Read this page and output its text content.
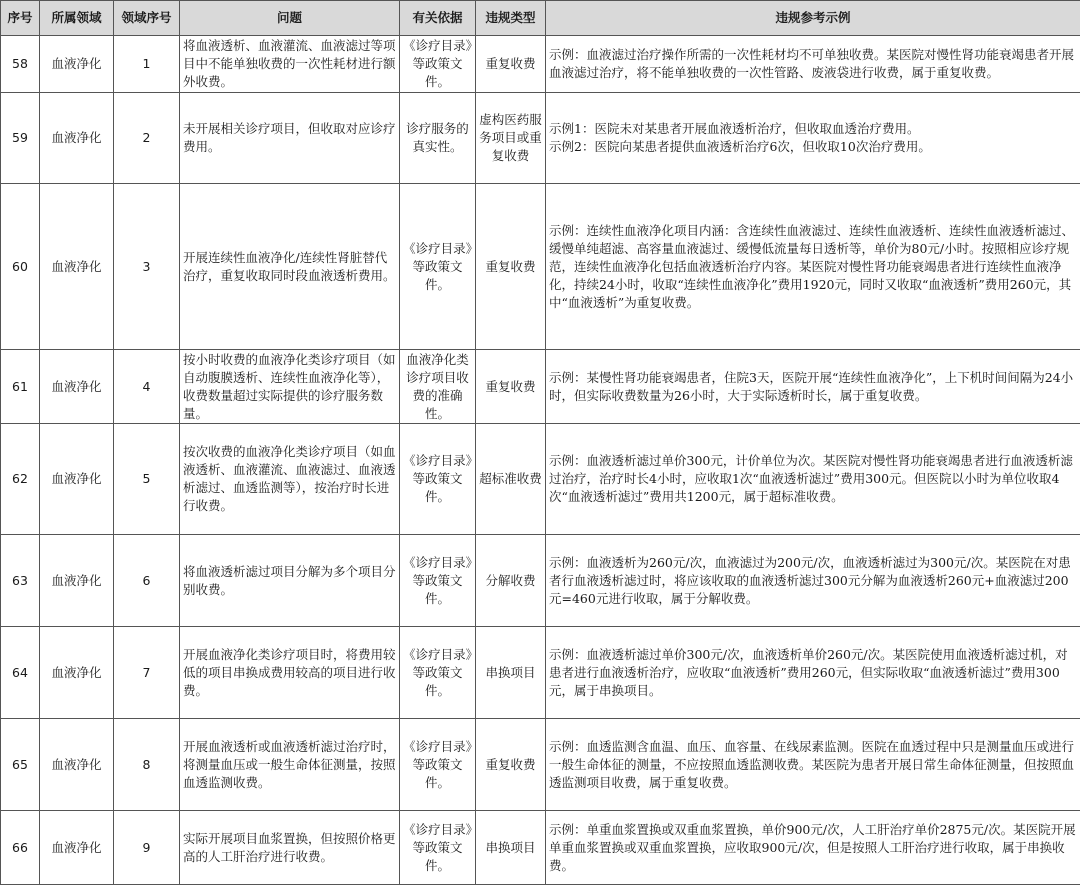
序号	所属领域	领域序号	问题	有关依据	违规类型	违规参考示例
58	血液净化	1	将血液透析、血液灌流、血液滤过等项目中不能单独收费的一次性耗材进行额外收费。	《诊疗目录》等政策文件。	重复收费	示例：血液滤过治疗操作所需的一次性耗材均不可单独收费。某医院对慢性肾功能衰竭患者开展血液滤过治疗，将不能单独收费的一次性管路、废液袋进行收费，属于重复收费。

59	血液净化	2	未开展相关诊疗项目，但收取对应诊疗费用。	诊疗服务的真实性。	虚构医药服务项目或重复收费	示例1：医院未对某患者开展血液透析治疗，但收取血透治疗费用。
示例2：医院向某患者提供血液透析治疗6次，但收取10次治疗费用。

60	血液净化	3	开展连续性血液净化/连续性肾脏替代治疗，重复收取同时段血液透析费用。	《诊疗目录》等政策文件。	重复收费	示例：连续性血液净化项目内涵：含连续性血液滤过、连续性血液透析、连续性血液透析滤过、缓慢单纯超滤、高容量血液滤过、缓慢低流量每日透析等，单价为80元/小时。按照相应诊疗规范，连续性血液净化包括血液透析治疗内容。某医院对慢性肾功能衰竭患者进行连续性血液净化，持续24小时，收取“连续性血液净化”费用1920元，同时又收取“血液透析”费用260元，其中“血液透析”为重复收费。

61	血液净化	4	按小时收费的血液净化类诊疗项目（如自动腹膜透析、连续性血液净化等），收费数量超过实际提供的诊疗服务数量。	血液净化类诊疗项目收费的准确性。	重复收费	示例：某慢性肾功能衰竭患者，住院3天，医院开展“连续性血液净化”，上下机时间间隔为24小时，但实际收费数量为26小时，大于实际透析时长，属于重复收费。

62	血液净化	5	按次收费的血液净化类诊疗项目（如血液透析、血液灌流、血液滤过、血液透析滤过、血透监测等），按治疗时长进行收费。	《诊疗目录》等政策文件。	超标准收费	示例：血液透析滤过单价300元，计价单位为次。某医院对慢性肾功能衰竭患者进行血液透析滤过治疗，治疗时长4小时，应收取1次“血液透析滤过”费用300元。但医院以小时为单位收取4次“血液透析滤过”费用共1200元，属于超标准收费。

63	血液净化	6	将血液透析滤过项目分解为多个项目分别收费。	《诊疗目录》等政策文件。	分解收费	示例：血液透析为260元/次，血液滤过为200元/次，血液透析滤过为300元/次。某医院在对患者行血液透析滤过时，将应该收取的血液透析滤过300元分解为血液透析260元+血液滤过200元=460元进行收取，属于分解收费。

64	血液净化	7	开展血液净化类诊疗项目时，将费用较低的项目串换成费用较高的项目进行收费。	《诊疗目录》等政策文件。	串换项目	示例：血液透析滤过单价300元/次，血液透析单价260元/次。某医院使用血液透析滤过机，对患者进行血液透析治疗，应收取“血液透析”费用260元，但实际收取“血液透析滤过”费用300元，属于串换项目。

65	血液净化	8	开展血液透析或血液透析滤过治疗时，将测量血压或一般生命体征测量，按照血透监测收费。	《诊疗目录》等政策文件。	重复收费	示例：血透监测含血温、血压、血容量、在线尿素监测。医院在血透过程中只是测量血压或进行一般生命体征的测量，不应按照血透监测收费。某医院为患者开展日常生命体征测量，但按照血透监测项目收费，属于重复收费。

66	血液净化	9	实际开展项目血浆置换，但按照价格更高的人工肝治疗进行收费。	《诊疗目录》等政策文件。	串换项目	示例：单重血浆置换或双重血浆置换，单价900元/次，人工肝治疗单价2875元/次。某医院开展单重血浆置换或双重血浆置换，应收取900元/次，但是按照人工肝治疗进行收取，属于串换收费。
